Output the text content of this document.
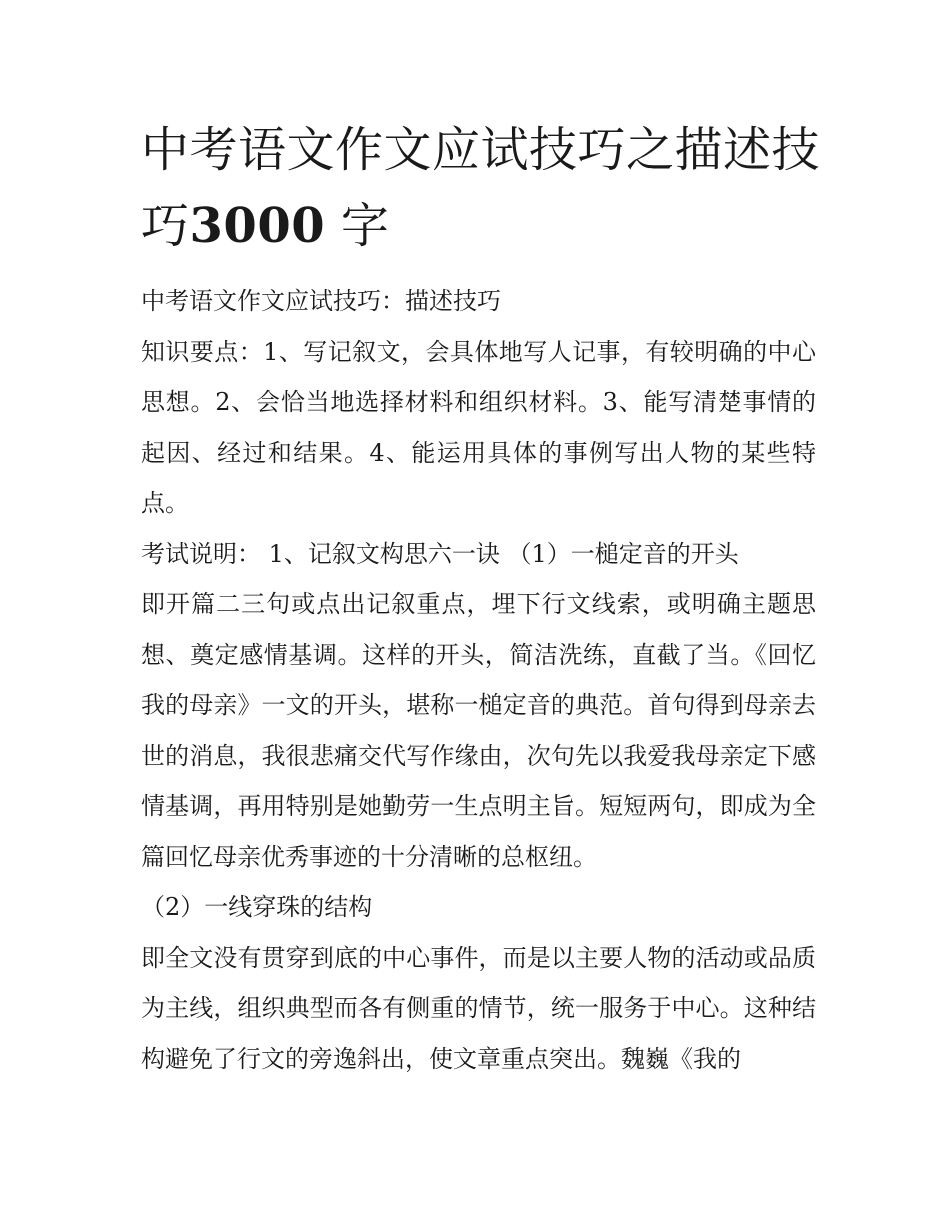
中考语文作文应试技巧之描述技巧3000 字

中考语文作文应试技巧：描述技巧

知识要点：1、写记叙文，会具体地写人记事，有较明确的中心思想。2、会恰当地选择材料和组织材料。3、能写清楚事情的起因、经过和结果。4、能运用具体的事例写出人物的某些特点。

考试说明： 1、记叙文构思六一诀 （1）一槌定音的开头

即开篇二三句或点出记叙重点，埋下行文线索，或明确主题思想、奠定感情基调。这样的开头，简洁洗练，直截了当。《回忆我的母亲》一文的开头，堪称一槌定音的典范。首句得到母亲去世的消息，我很悲痛交代写作缘由，次句先以我爱我母亲定下感情基调，再用特别是她勤劳一生点明主旨。短短两句，即成为全篇回忆母亲优秀事迹的十分清晰的总枢纽。

（2）一线穿珠的结构

即全文没有贯穿到底的中心事件，而是以主要人物的活动或品质为主线，组织典型而各有侧重的情节，统一服务于中心。这种结构避免了行文的旁逸斜出，使文章重点突出。魏巍《我的
